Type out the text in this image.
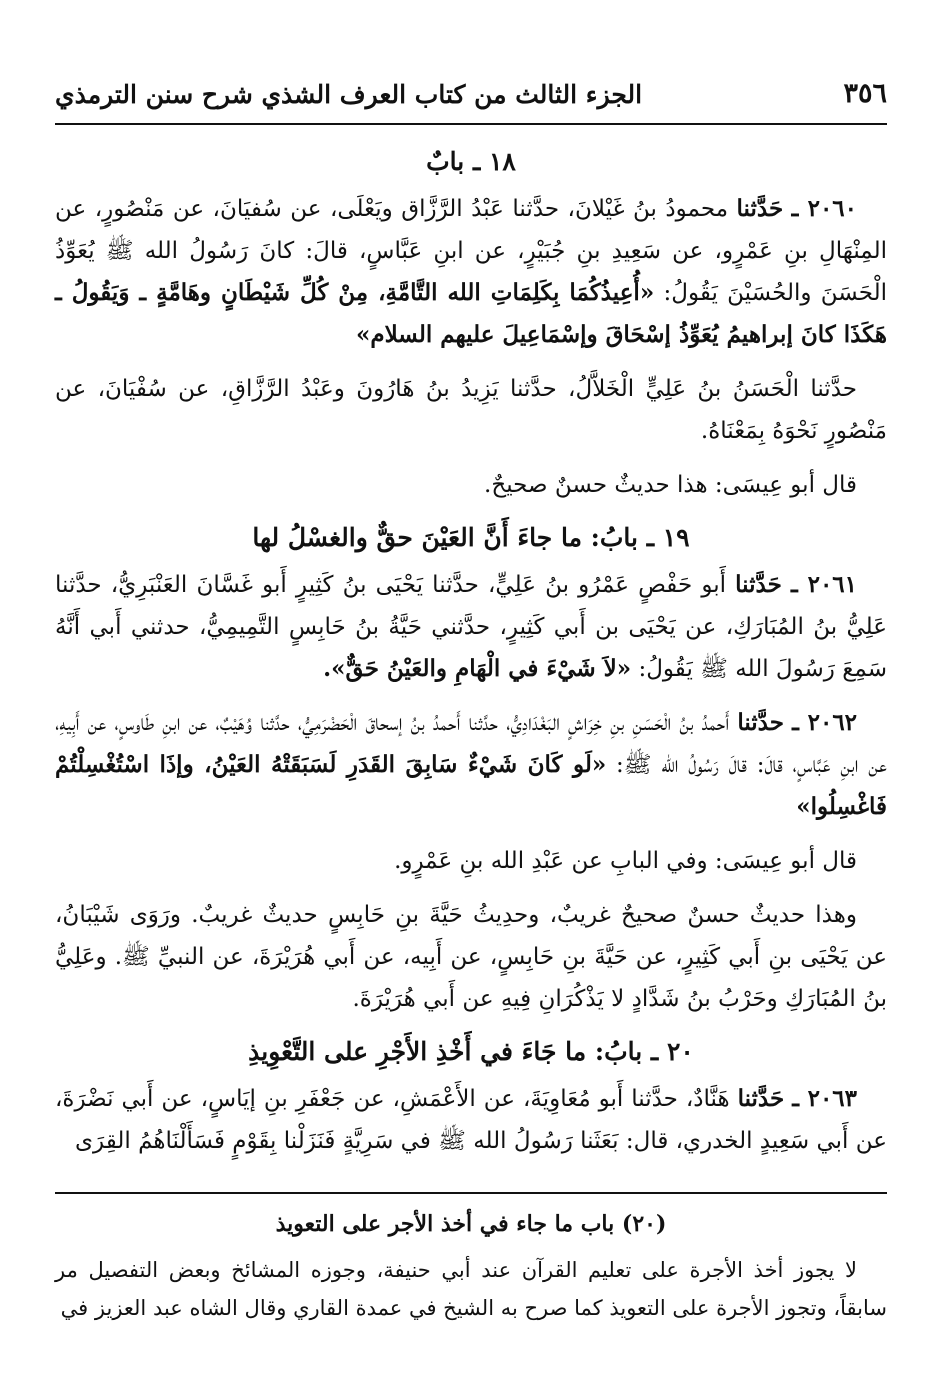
٣٥٦
الجزء الثالث من كتاب العرف الشذي شرح سنن الترمذي
١٨ ـ بابٌ

٢٠٦٠ ـ حَدَّثنا محمودُ بنُ غَيْلانَ، حدَّثنا عَبْدُ الرَّزَّاق ويَعْلَى، عن سُفيَانَ، عن مَنْصُورٍ، عن المِنْهَالِ بنِ عَمْرٍو، عن سَعِيدِ بنِ جُبَيْرٍ، عن ابنِ عَبَّاسٍ، قالَ: كانَ رَسُولُ الله ﷺ يُعَوِّذُ الْحَسَنَ والحُسَيْنَ يَقُولُ: «أُعِيذُكُمَا بِكَلِمَاتِ الله التَّامَّةِ، مِنْ كُلِّ شَيْطَانٍ وهَامَّةٍ ـ وَيَقُولُ ـ هَكَذَا كانَ إبراهيمُ يُعَوِّذُ إسْحَاقَ وإسْمَاعِيلَ عليهم السلام»

حدَّثنا الْحَسَنُ بنُ عَلِيٍّ الْخَلاَّلُ، حدَّثنا يَزِيدُ بنُ هَارُونَ وعَبْدُ الرَّزَّاقِ، عن سُفْيَانَ، عن مَنْصُورٍ نَحْوَهُ بِمَعْنَاهُ.

قال أبو عِيسَى: هذا حديثٌ حسنٌ صحيحٌ.

١٩ ـ بابُ: ما جاءَ أَنَّ العَيْنَ حقٌّ والغسْلُ لها

٢٠٦١ ـ حَدَّثنا أَبو حَفْصٍ عَمْرُو بنُ عَلِيٍّ، حدَّثنا يَحْيَى بنُ كَثِيرٍ أَبو غَسَّانَ العَنْبَرِيُّ، حدَّثنا عَلِيُّ بنُ المُبَارَكِ، عن يَحْيَى بن أَبي كَثِيرٍ، حدَّثني حَيَّةُ بنُ حَابِسٍ التَّمِيمِيُّ، حدثني أَبي أَنَّهُ سَمِعَ رَسُولَ الله ﷺ يَقُولُ: «لاَ شَيْءَ في الْهَامِ والعَيْنُ حَقٌّ».

٢٠٦٢ ـ حدَّثنا أَحمدُ بنُ الْحَسَنِ بنِ خِرَاشٍ البَغْدَادِيُّ، حدَّثنا أَحمدُ بنُ إسحاقَ الْحَضْرَمِيُّ، حدَّثنا وُهَيْبٌ، عن ابنِ طَاوسٍ، عن أَبِيهِ، عن ابنِ عَبَّاسٍ، قالَ: قالَ رَسُولُ الله ﷺ: «لَو كَانَ شَيْءٌ سَابِقَ القَدَرِ لَسَبَقَتْهُ العَيْنُ، وإذَا اسْتُغْسِلْتُمْ فَاغْسِلُوا»

قال أبو عِيسَى: وفي البابِ عن عَبْدِ الله بنِ عَمْرٍو.

وهذا حديثٌ حسنٌ صحيحٌ غريبٌ، وحدِيثُ حَيَّةَ بنِ حَابِسٍ حديثٌ غريبٌ. ورَوَى شَيْبَانُ، عن يَحْيَى بنِ أَبي كَثِيرٍ، عن حَيَّةَ بنِ حَابِسٍ، عن أَبِيه، عن أَبي هُرَيْرَةَ، عن النبيِّ ﷺ. وعَلِيُّ بنُ المُبَارَكِ وحَرْبُ بنُ شَدَّادٍ لا يَذْكُرَانِ فِيهِ عن أَبي هُرَيْرَةَ.

٢٠ ـ بابُ: ما جَاءَ في أَخْذِ الأَجْرِ على التَّعْوِيذِ

٢٠٦٣ ـ حَدَّثنا هَنَّادٌ، حدَّثنا أَبو مُعَاوِيَةَ، عن الأَعْمَشِ، عن جَعْفَرِ بنِ إيَاسٍ، عن أَبي نَضْرَةَ، عن أَبي سَعِيدٍ الخدري، قال: بَعَثَنا رَسُولُ الله ﷺ في سَرِيَّةٍ فَنَزَلْنا بِقَوْمٍ فَسَأَلْنَاهُمُ القِرَى

(٢٠) باب ما جاء في أخذ الأجر على التعويذ
لا يجوز أخذ الأجرة على تعليم القرآن عند أبي حنيفة، وجوزه المشائخ وبعض التفصيل مر سابقاً، وتجوز الأجرة على التعويذ كما صرح به الشيخ في عمدة القاري وقال الشاه عبد العزيز في
